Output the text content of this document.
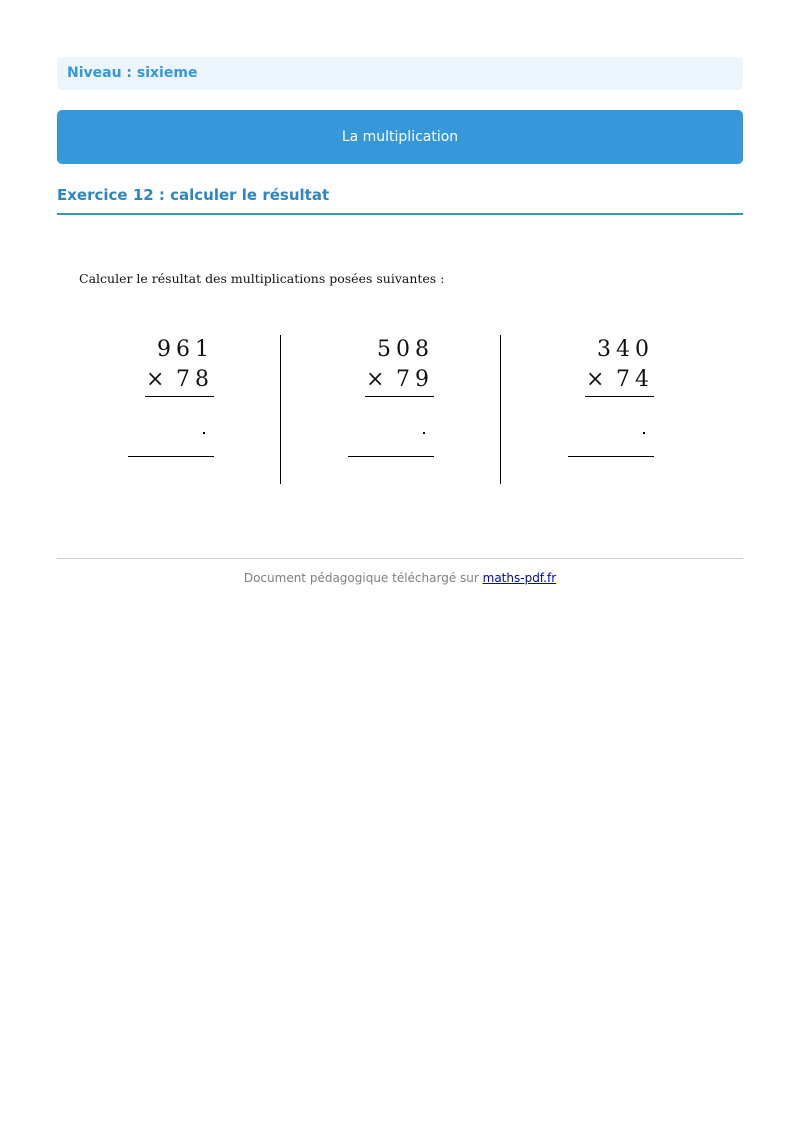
Niveau : sixieme
La multiplication
Exercice 12 : calculer le résultat
Calculer le résultat des multiplications posées suivantes :
961
× 78
508
× 79
340
× 74
Document pédagogique téléchargé sur maths-pdf.fr
